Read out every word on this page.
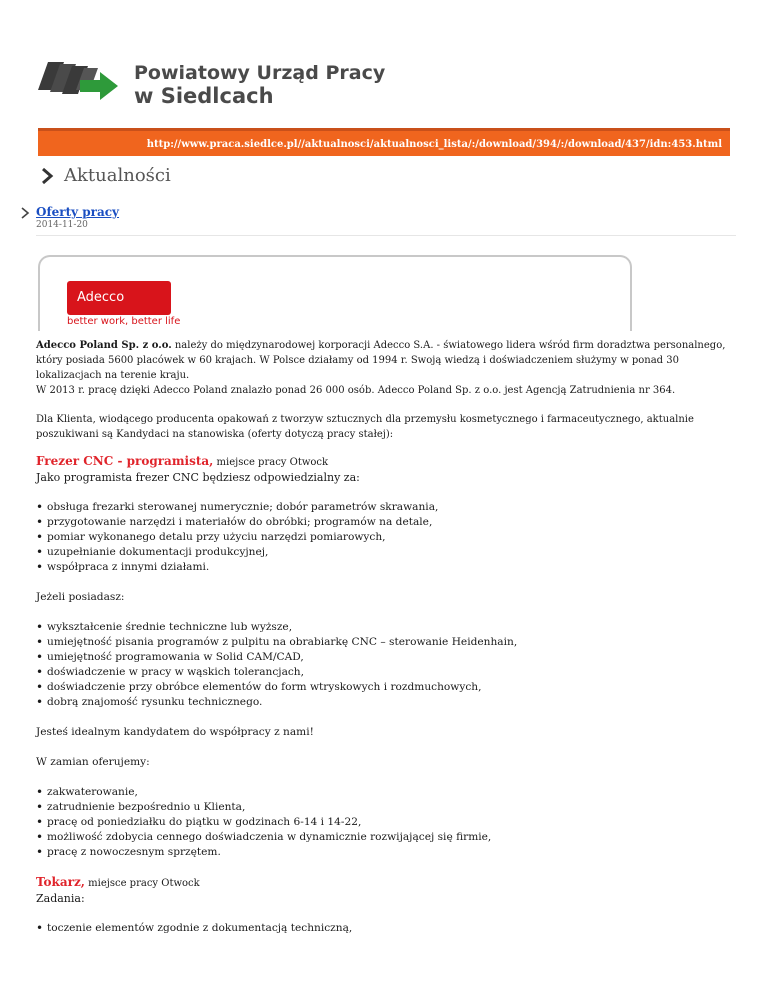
Powiatowy Urząd Pracy
w Siedlcach
http://www.praca.siedlce.pl//aktualnosci/aktualnosci_lista/:/download/394/:/download/437/idn:453.html
Aktualności
Oferty pracy
2014-11-20
Adecco
better work, better life

Adecco Poland Sp. z o.o. należy do międzynarodowej korporacji Adecco S.A. - światowego lidera wśród firm doradztwa personalnego, który posiada 5600 placówek w 60 krajach. W Polsce działamy od 1994 r. Swoją wiedzą i doświadczeniem służymy w ponad 30 lokalizacjach na terenie kraju.

W 2013 r. pracę dzięki Adecco Poland znalazło ponad 26 000 osób. Adecco Poland Sp. z o.o. jest Agencją Zatrudnienia nr 364.

Dla Klienta, wiodącego producenta opakowań z tworzyw sztucznych dla przemysłu kosmetycznego i farmaceutycznego, aktualnie poszukiwani są Kandydaci na stanowiska (oferty dotyczą pracy stałej):

Frezer CNC - programista, miejsce pracy Otwock

Jako programista frezer CNC będziesz odpowiedzialny za:

• obsługa frezarki sterowanej numerycznie; dobór parametrów skrawania,
• przygotowanie narzędzi i materiałów do obróbki; programów na detale,
• pomiar wykonanego detalu przy użyciu narzędzi pomiarowych,
• uzupełnianie dokumentacji produkcyjnej,
• współpraca z innymi działami.

Jeżeli posiadasz:

• wykształcenie średnie techniczne lub wyższe,
• umiejętność pisania programów z pulpitu na obrabiarkę CNC – sterowanie Heidenhain,
• umiejętność programowania w Solid CAM/CAD,
• doświadczenie w pracy w wąskich tolerancjach,
• doświadczenie przy obróbce elementów do form wtryskowych i rozdmuchowych,
• dobrą znajomość rysunku technicznego.

Jesteś idealnym kandydatem do współpracy z nami!

W zamian oferujemy:

• zakwaterowanie,
• zatrudnienie bezpośrednio u Klienta,
• pracę od poniedziałku do piątku w godzinach 6-14 i 14-22,
• możliwość zdobycia cennego doświadczenia w dynamicznie rozwijającej się firmie,
• pracę z nowoczesnym sprzętem.

Tokarz, miejsce pracy Otwock

Zadania:

• toczenie elementów zgodnie z dokumentacją techniczną,
